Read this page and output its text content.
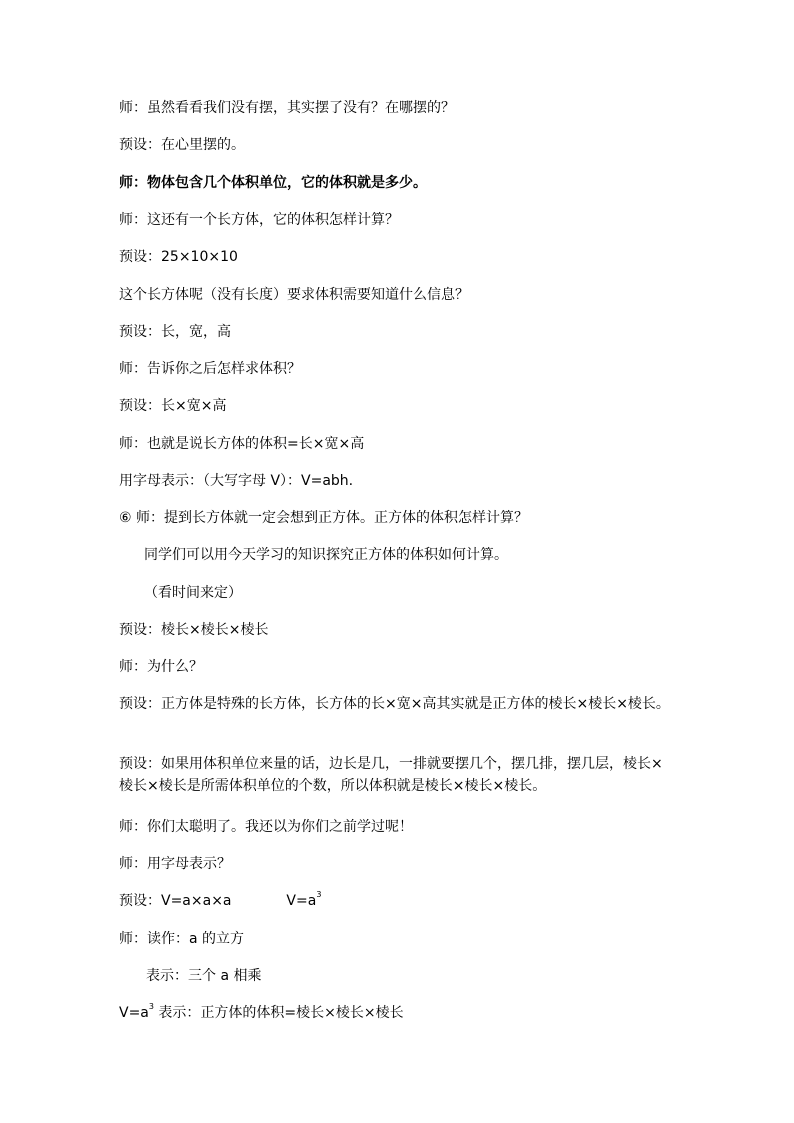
师：虽然看看我们没有摆，其实摆了没有？在哪摆的？
预设：在心里摆的。
师：物体包含几个体积单位，它的体积就是多少。
师：这还有一个长方体，它的体积怎样计算？
预设：25×10×10
这个长方体呢（没有长度）要求体积需要知道什么信息？
预设：长，宽，高
师：告诉你之后怎样求体积？
预设：长×宽×高
师：也就是说长方体的体积=长×宽×高
用字母表示：（大写字母 V）：V=abh.
⑥ 师：提到长方体就一定会想到正方体。正方体的体积怎样计算？
同学们可以用今天学习的知识探究正方体的体积如何计算。
（看时间来定）
预设：棱长×棱长×棱长
师：为什么？
预设：正方体是特殊的长方体，长方体的长×宽×高其实就是正方体的棱长×棱长×棱长。
预设：如果用体积单位来量的话，边长是几，一排就要摆几个，摆几排，摆几层，棱长×棱长×棱长是所需体积单位的个数，所以体积就是棱长×棱长×棱长。
师：你们太聪明了。我还以为你们之前学过呢！
师：用字母表示？
预设：V=a×a×a	$V=a^3$
师：读作：a 的立方
表示：三个 a 相乘
$V=a^3$ 表示：正方体的体积=棱长×棱长×棱长
